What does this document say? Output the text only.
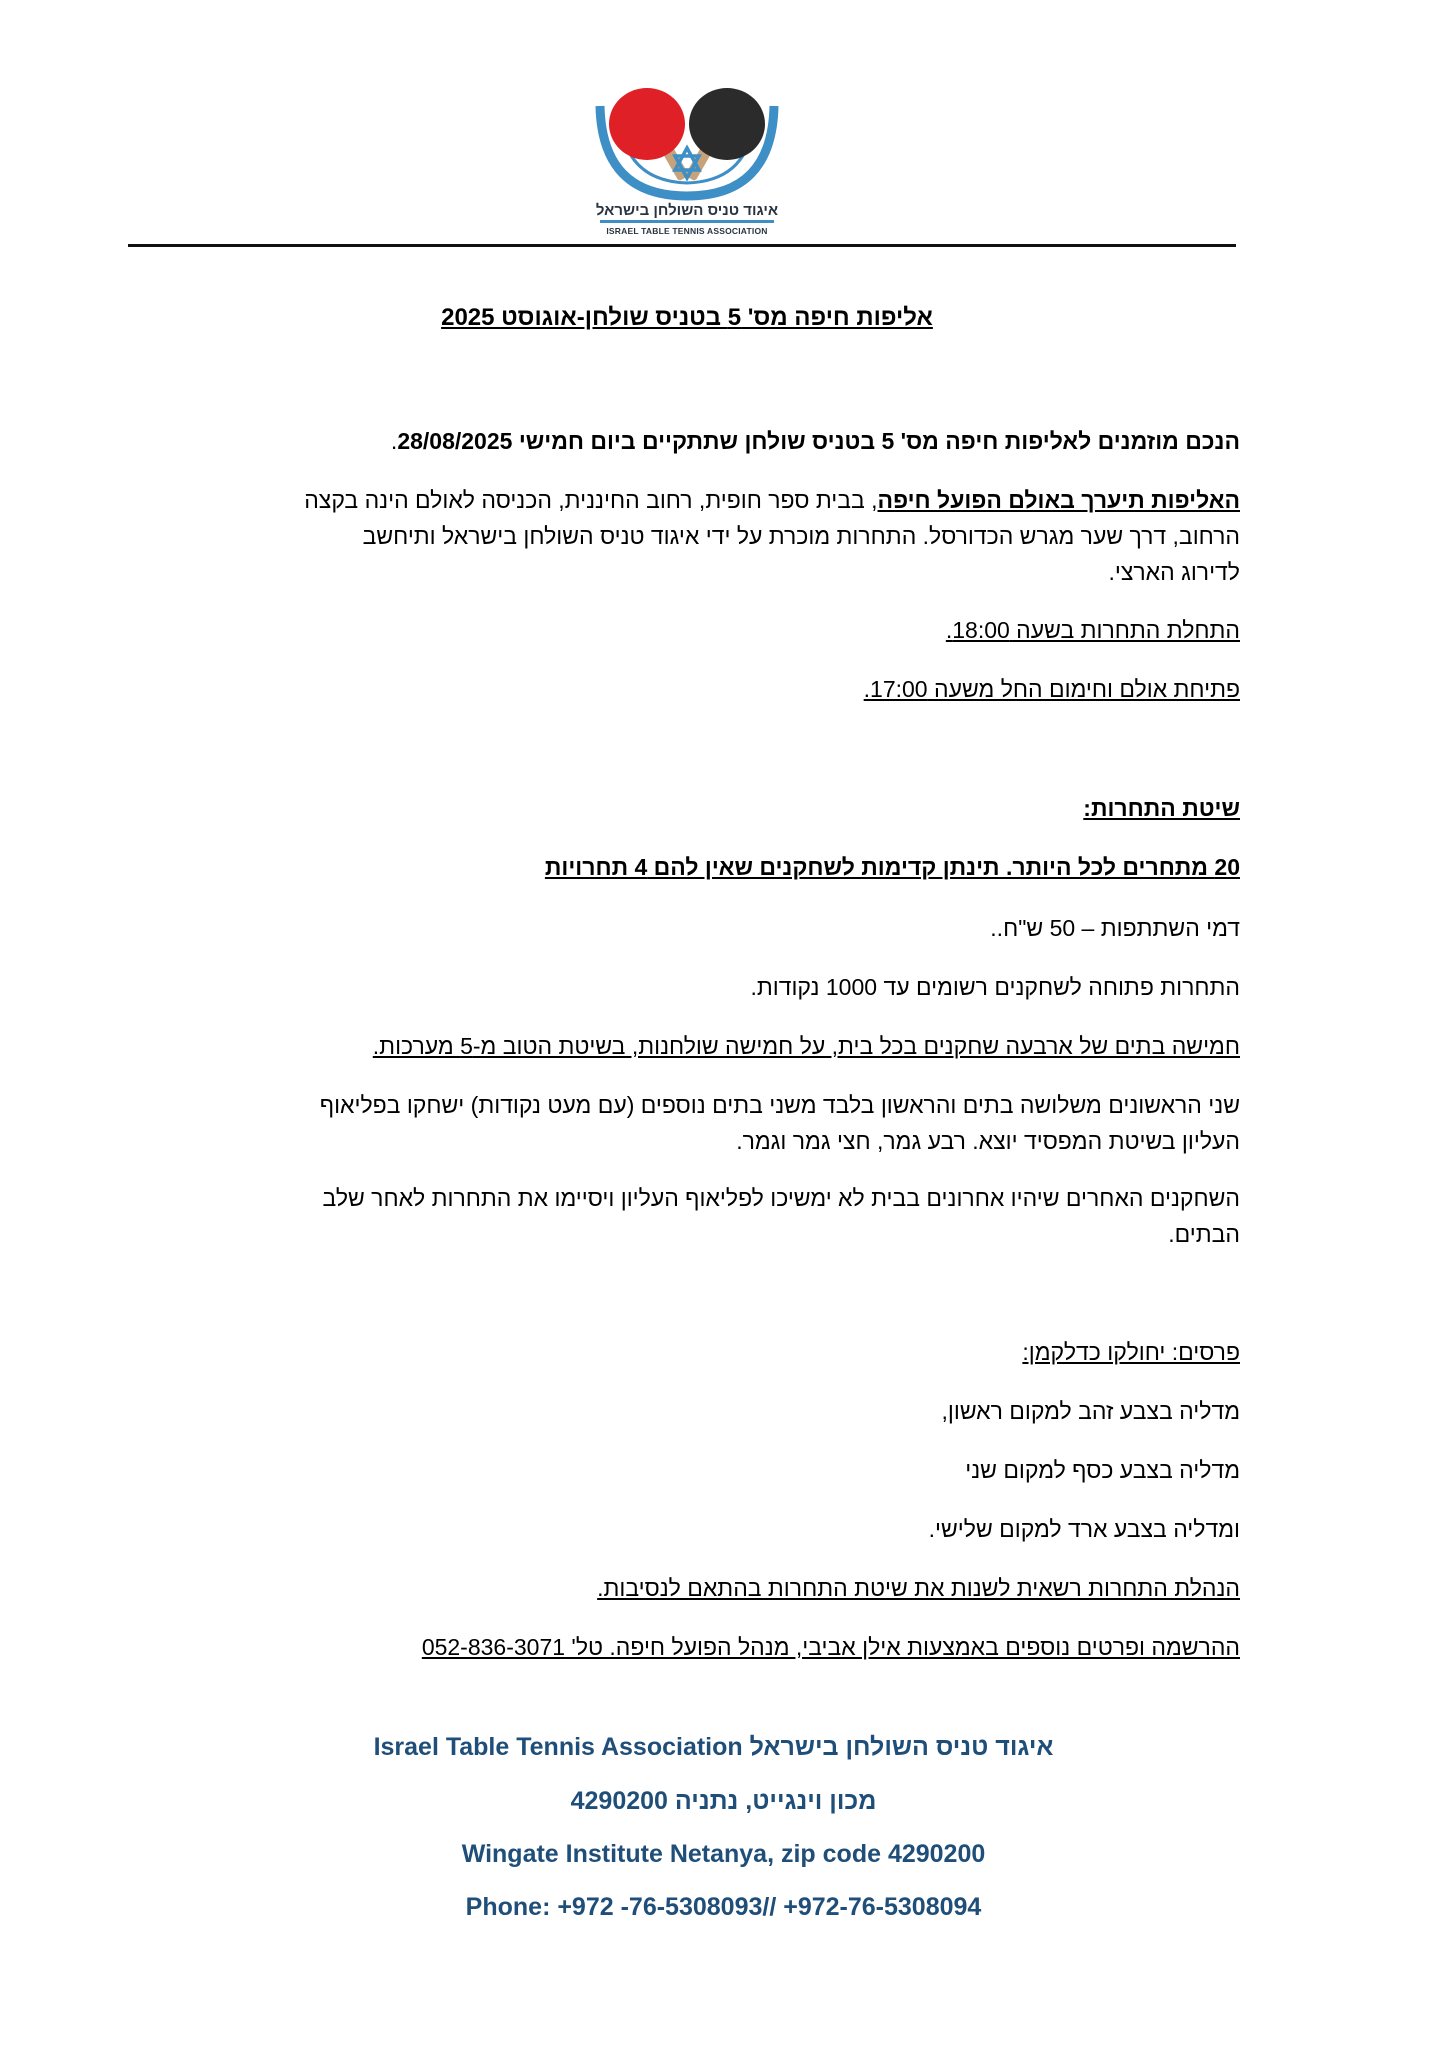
איגוד טניס השולחן בישראל
ISRAEL TABLE TENNIS ASSOCIATION
אליפות חיפה מס' 5 בטניס שולחן-אוגוסט 2025
הנכם מוזמנים לאליפות חיפה מס' 5 בטניס שולחן שתתקיים ביום חמישי 28/08/2025.
האליפות תיערך באולם הפועל חיפה, בבית ספר חופית, רחוב החיננית, הכניסה לאולם הינה בקצה
הרחוב, דרך שער מגרש הכדורסל. התחרות מוכרת על ידי איגוד טניס השולחן בישראל ותיחשב
לדירוג הארצי.
התחלת התחרות בשעה 18:00.
פתיחת אולם וחימום החל משעה 17:00.
שיטת התחרות:
20 מתחרים לכל היותר. תינתן קדימות לשחקנים שאין להם 4 תחרויות
דמי השתתפות – 50 ש"ח..
התחרות פתוחה לשחקנים רשומים עד 1000 נקודות.
חמישה בתים של ארבעה שחקנים בכל בית, על חמישה שולחנות, בשיטת הטוב מ-5 מערכות.
שני הראשונים משלושה בתים והראשון בלבד משני בתים נוספים (עם מעט נקודות) ישחקו בפליאוף
העליון בשיטת המפסיד יוצא. רבע גמר, חצי גמר וגמר.
השחקנים האחרים שיהיו אחרונים בבית לא ימשיכו לפליאוף העליון ויסיימו את התחרות לאחר שלב
הבתים.
פרסים: יחולקו כדלקמן:
מדליה בצבע זהב למקום ראשון,
מדליה בצבע כסף למקום שני
ומדליה בצבע ארד למקום שלישי.
הנהלת התחרות רשאית לשנות את שיטת התחרות בהתאם לנסיבות.
ההרשמה ופרטים נוספים באמצעות אילן אביבי, מנהל הפועל חיפה. טל' 052-836-3071
Israel Table Tennis Association איגוד טניס השולחן בישראל
מכון וינגייט, נתניה 4290200
Wingate Institute Netanya, zip code 4290200
Phone: +972 -76-5308093// +972-76-5308094
